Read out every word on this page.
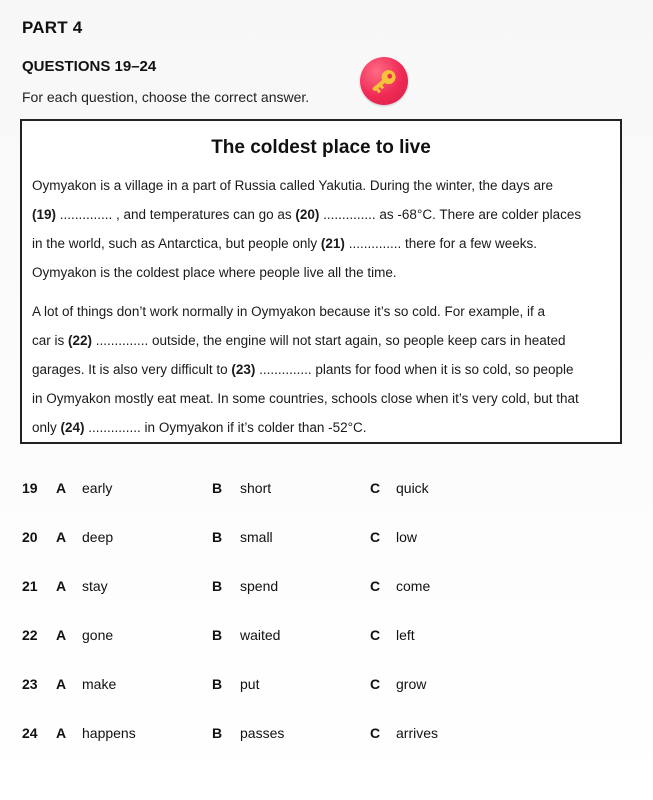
PART 4
QUESTIONS 19–24
For each question, choose the correct answer.
The coldest place to live
Oymyakon is a village in a part of Russia called Yakutia. During the winter, the days are
(19) .............. , and temperatures can go as (20) .............. as -68°C. There are colder places
in the world, such as Antarctica, but people only (21) .............. there for a few weeks.
Oymyakon is the coldest place where people live all the time.
A lot of things don’t work normally in Oymyakon because it’s so cold. For example, if a
car is (22) .............. outside, the engine will not start again, so people keep cars in heated
garages. It is also very difficult to (23) .............. plants for food when it is so cold, so people
in Oymyakon mostly eat meat. In some countries, schools close when it’s very cold, but that
only (24) .............. in Oymyakon if it’s colder than -52°C.
19 A early	B short	C quick
20 A deep	B small	C low
21 A stay	B spend	C come
22 A gone	B waited	C left
23 A make	B put	C grow
24 A happens	B passes	C arrives
